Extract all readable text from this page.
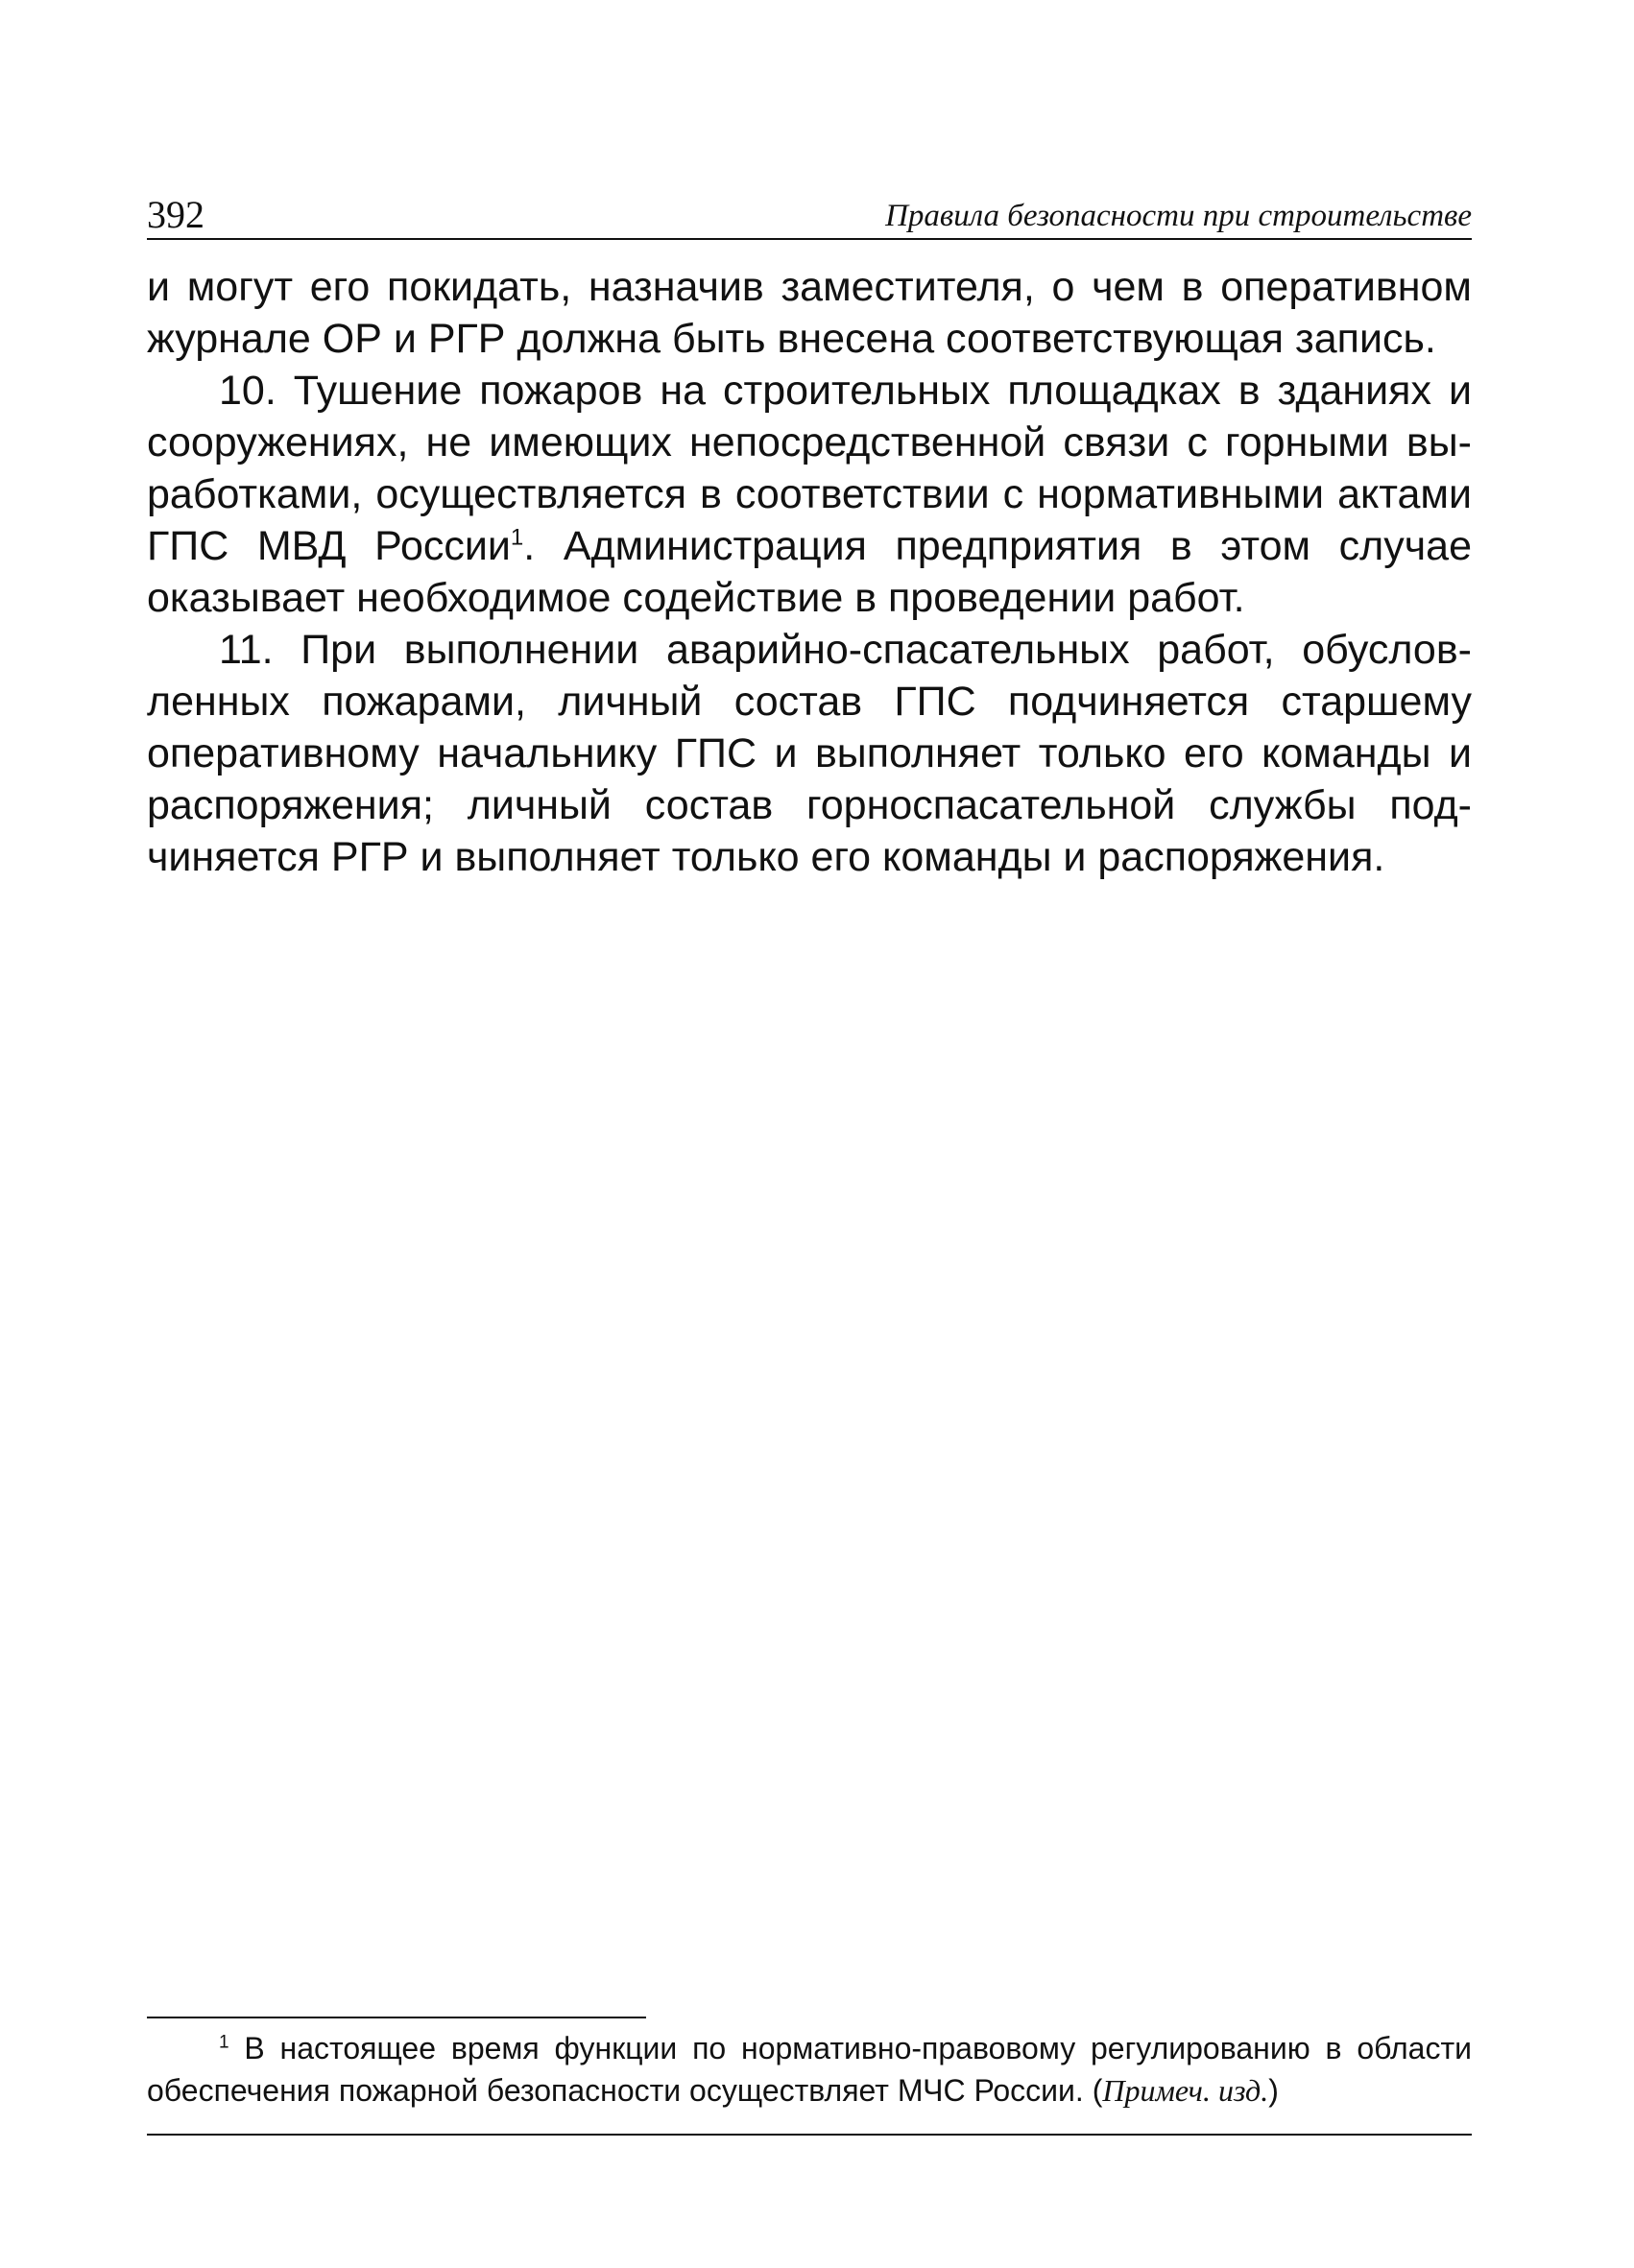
392	Правила безопасности при строительстве

и могут его покидать, назначив заместителя, о чем в оперативном журнале ОР и РГР должна быть внесена соответствующая запись.

10. Тушение пожаров на строительных площадках в зданиях и сооружениях, не имеющих непосредственной связи с горными выработками, осуществляется в соответствии с нормативными актами ГПС МВД России$^1$. Администрация предприятия в этом случае оказывает необходимое содействие в проведении работ.

11. При выполнении аварийно-спасательных работ, обусловленных пожарами, личный состав ГПС подчиняется старшему оперативному начальнику ГПС и выполняет только его команды и распоряжения; личный состав горноспасательной службы подчиняется РГР и выполняет только его команды и распоряжения.

$^1$ В настоящее время функции по нормативно-правовому регулированию в области обеспечения пожарной безопасности осуществляет МЧС России. (Примеч. изд.)
